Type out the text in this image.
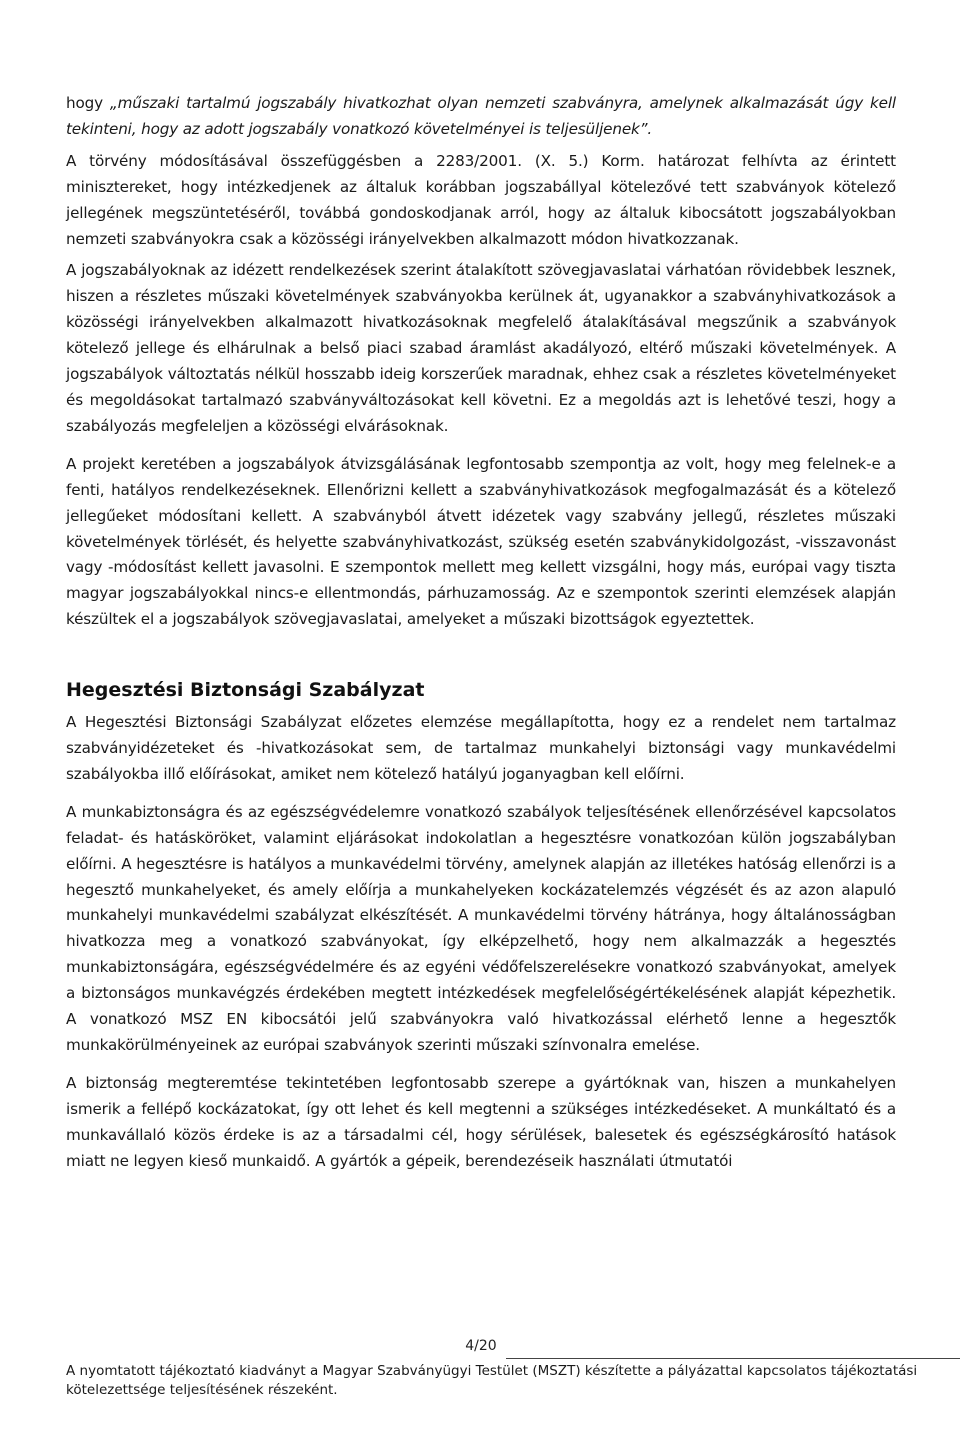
hogy „műszaki tartalmú jogszabály hivatkozhat olyan nemzeti szabványra, amelynek alkalmazását úgy kell tekinteni, hogy az adott jogszabály vonatkozó követelményei is teljesüljenek”.

A törvény módosításával összefüggésben a 2283/2001. (X. 5.) Korm. határozat felhívta az érintett minisztereket, hogy intézkedjenek az általuk korábban jogszabállyal kötelezővé tett szabványok kötelező jellegének megszüntetéséről, továbbá gondoskodjanak arról, hogy az általuk kibocsátott jogszabályokban nemzeti szabványokra csak a közösségi irányelvekben alkalmazott módon hivatkozzanak.

A jogszabályoknak az idézett rendelkezések szerint átalakított szövegjavaslatai várhatóan rövidebbek lesznek, hiszen a részletes műszaki követelmények szabványokba kerülnek át, ugyanakkor a szabványhivatkozások a közösségi irányelvekben alkalmazott hivatkozásoknak megfelelő átalakításával megszűnik a szabványok kötelező jellege és elhárulnak a belső piaci szabad áramlást akadályozó, eltérő műszaki követelmények. A jogszabályok változtatás nélkül hosszabb ideig korszerűek maradnak, ehhez csak a részletes követelményeket és megoldásokat tartalmazó szabványváltozásokat kell követni. Ez a megoldás azt is lehetővé teszi, hogy a szabályozás megfeleljen a közösségi elvárásoknak.

A projekt keretében a jogszabályok átvizsgálásának legfontosabb szempontja az volt, hogy meg felelnek-e a fenti, hatályos rendelkezéseknek. Ellenőrizni kellett a szabványhivatkozások megfogalmazását és a kötelező jellegűeket módosítani kellett. A szabványból átvett idézetek vagy szabvány jellegű, részletes műszaki követelmények törlését, és helyette szabványhivatkozást, szükség esetén szabványkidolgozást, -visszavonást vagy -módosítást kellett javasolni. E szempontok mellett meg kellett vizsgálni, hogy más, európai vagy tiszta magyar jogszabályokkal nincs-e ellentmondás, párhuzamosság. Az e szempontok szerinti elemzések alapján készültek el a jogszabályok szövegjavaslatai, amelyeket a műszaki bizottságok egyeztettek.

Hegesztési Biztonsági Szabályzat

A Hegesztési Biztonsági Szabályzat előzetes elemzése megállapította, hogy ez a rendelet nem tartalmaz szabványidézeteket és -hivatkozásokat sem, de tartalmaz munkahelyi biztonsági vagy munkavédelmi szabályokba illő előírásokat, amiket nem kötelező hatályú joganyagban kell előírni.

A munkabiztonságra és az egészségvédelemre vonatkozó szabályok teljesítésének ellenőrzésével kapcsolatos feladat- és hatásköröket, valamint eljárásokat indokolatlan a hegesztésre vonatkozóan külön jogszabályban előírni. A hegesztésre is hatályos a munkavédelmi törvény, amelynek alapján az illetékes hatóság ellenőrzi is a hegesztő munkahelyeket, és amely előírja a munkahelyeken kockázatelemzés végzését és az azon alapuló munkahelyi munkavédelmi szabályzat elkészítését. A munkavédelmi törvény hátránya, hogy általánosságban hivatkozza meg a vonatkozó szabványokat, így elképzelhető, hogy nem alkalmazzák a hegesztés munkabiztonságára, egészségvédelmére és az egyéni védőfelszerelésekre vonatkozó szabványokat, amelyek a biztonságos munkavégzés érdekében megtett intézkedések megfelelőségértékelésének alapját képezhetik. A vonatkozó MSZ EN kibocsátói jelű szabványokra való hivatkozással elérhető lenne a hegesztők munkakörülményeinek az európai szabványok szerinti műszaki színvonalra emelése.

A biztonság megteremtése tekintetében legfontosabb szerepe a gyártóknak van, hiszen a munkahelyen ismerik a fellépő kockázatokat, így ott lehet és kell megtenni a szükséges intézkedéseket. A munkáltató és a munkavállaló közös érdeke is az a társadalmi cél, hogy sérülések, balesetek és egészségkárosító hatások miatt ne legyen kieső munkaidő. A gyártók a gépeik, berendezéseik használati útmutatói

4/20
A nyomtatott tájékoztató kiadványt a Magyar Szabványügyi Testület (MSZT) készítette a pályázattal kapcsolatos tájékoztatási kötelezettsége teljesítésének részeként.
